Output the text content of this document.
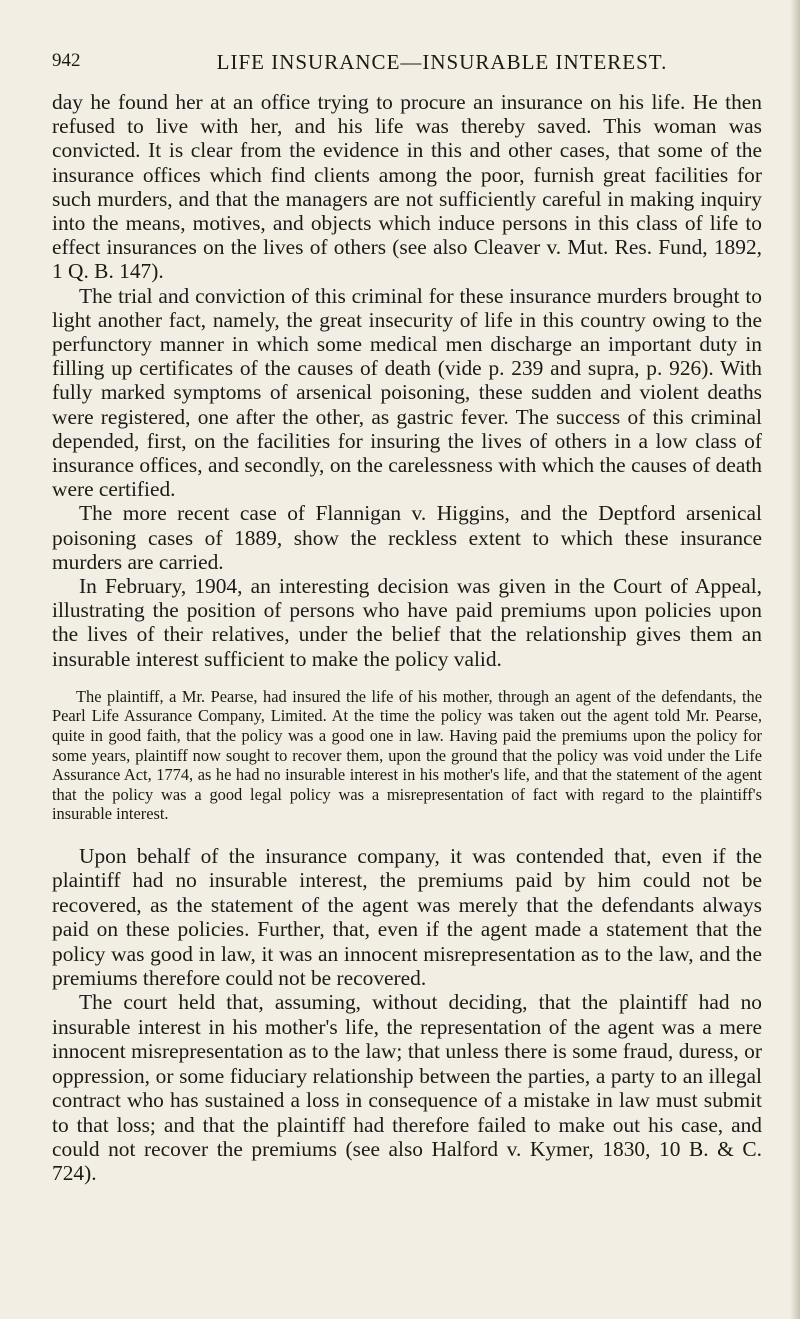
942	LIFE INSURANCE—INSURABLE INTEREST.

day he found her at an office trying to procure an insurance on his life. He then refused to live with her, and his life was thereby saved. This woman was convicted. It is clear from the evidence in this and other cases, that some of the insurance offices which find clients among the poor, furnish great facilities for such murders, and that the managers are not sufficiently careful in making inquiry into the means, motives, and objects which induce persons in this class of life to effect insurances on the lives of others (see also Cleaver v. Mut. Res. Fund, 1892, 1 Q. B. 147).

The trial and conviction of this criminal for these insurance murders brought to light another fact, namely, the great insecurity of life in this country owing to the perfunctory manner in which some medical men discharge an important duty in filling up certificates of the causes of death (vide p. 239 and supra, p. 926). With fully marked symptoms of arsenical poisoning, these sudden and violent deaths were registered, one after the other, as gastric fever. The success of this criminal depended, first, on the facilities for insuring the lives of others in a low class of insurance offices, and secondly, on the carelessness with which the causes of death were certified.

The more recent case of Flannigan v. Higgins, and the Deptford arsenical poisoning cases of 1889, show the reckless extent to which these insurance murders are carried.

In February, 1904, an interesting decision was given in the Court of Appeal, illustrating the position of persons who have paid premiums upon policies upon the lives of their relatives, under the belief that the relationship gives them an insurable interest sufficient to make the policy valid.

The plaintiff, a Mr. Pearse, had insured the life of his mother, through an agent of the defendants, the Pearl Life Assurance Company, Limited. At the time the policy was taken out the agent told Mr. Pearse, quite in good faith, that the policy was a good one in law. Having paid the premiums upon the policy for some years, plaintiff now sought to recover them, upon the ground that the policy was void under the Life Assurance Act, 1774, as he had no insurable interest in his mother's life, and that the statement of the agent that the policy was a good legal policy was a misrepresentation of fact with regard to the plaintiff's insurable interest.

Upon behalf of the insurance company, it was contended that, even if the plaintiff had no insurable interest, the premiums paid by him could not be recovered, as the statement of the agent was merely that the defendants always paid on these policies. Further, that, even if the agent made a statement that the policy was good in law, it was an innocent misrepresentation as to the law, and the premiums therefore could not be recovered.

The court held that, assuming, without deciding, that the plaintiff had no insurable interest in his mother's life, the representation of the agent was a mere innocent misrepresentation as to the law; that unless there is some fraud, duress, or oppression, or some fiduciary relationship between the parties, a party to an illegal contract who has sustained a loss in consequence of a mistake in law must submit to that loss; and that the plaintiff had therefore failed to make out his case, and could not recover the premiums (see also Halford v. Kymer, 1830, 10 B. & C. 724).
